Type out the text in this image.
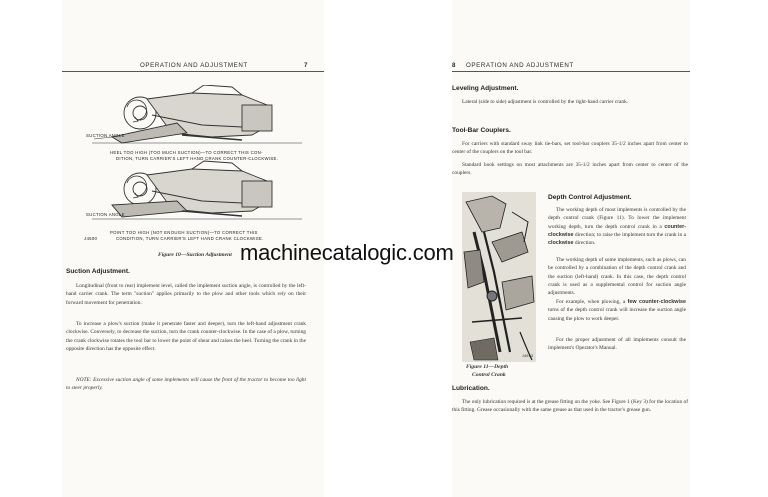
OPERATION AND ADJUSTMENT	7
SUCTION ANGLE
HEEL TOO HIGH (TOO MUCH SUCTION)—TO CORRECT THIS CON-
DITION, TURN CARRIER'S LEFT HAND CRANK COUNTER-CLOCKWISE.
SUCTION ANGLE
POINT TOO HIGH (NOT ENOUGH SUCTION)—TO CORRECT THIS
CONDITION, TURN CARRIER'S LEFT HAND CRANK CLOCKWISE.
J4500
Figure 10—Suction Adjustment
Suction Adjustment.

Longitudinal (front to rear) implement level, called the implement suction angle, is controlled by the left-hand carrier crank. The term "suction" applies primarily to the plow and other tools which rely on their forward movement for penetration.

To increase a plow's suction (make it penetrate faster and deeper), turn the left-hand adjustment crank clockwise. Conversely, to decrease the suction, turn the crank counter-clockwise. In the case of a plow, turning the crank clockwise rotates the tool bar to lower the point of shear and raises the heel. Turning the crank in the opposite direction has the opposite effect.

NOTE: Excessive suction angle of some implements will cause the front of the tractor to become too light to steer properly.

8 OPERATION AND ADJUSTMENT
Leveling Adjustment.

Lateral (side to side) adjustment is controlled by the right-hand carrier crank.

Tool-Bar Couplers.

For carriers with standard sway link tie-bars, set tool-bar couplers 35-1/2 inches apart from center to center of the couplers on the tool bar.

Standard hook settings on most attachments are 35-1/2 inches apart from center to center of the couplers.

J4503
Figure 11—Depth
Control Crank
Depth Control Adjustment.

The working depth of most implements is controlled by the depth control crank (Figure 11). To lower the implement working depth, turn the depth control crank in a counter-clockwise direction; to raise the implement turn the crank in a clockwise direction.

The working depth of some implements, such as plows, can be controlled by a combination of the depth control crank and the suction (left-hand) crank. In this case, the depth control crank is used as a supplemental control for suction angle adjustments.

For example, when plowing, a few counter-clockwise turns of the depth control crank will increase the suction angle causing the plow to work deeper.

For the proper adjustment of all implements consult the implement's Operator's Manual.

Lubrication.

The only lubrication required is at the grease fitting on the yoke. See Figure 1 (Key 3) for the location of this fitting. Grease occasionally with the same grease as that used in the tractor's grease gun.

machinecatalogic.com
